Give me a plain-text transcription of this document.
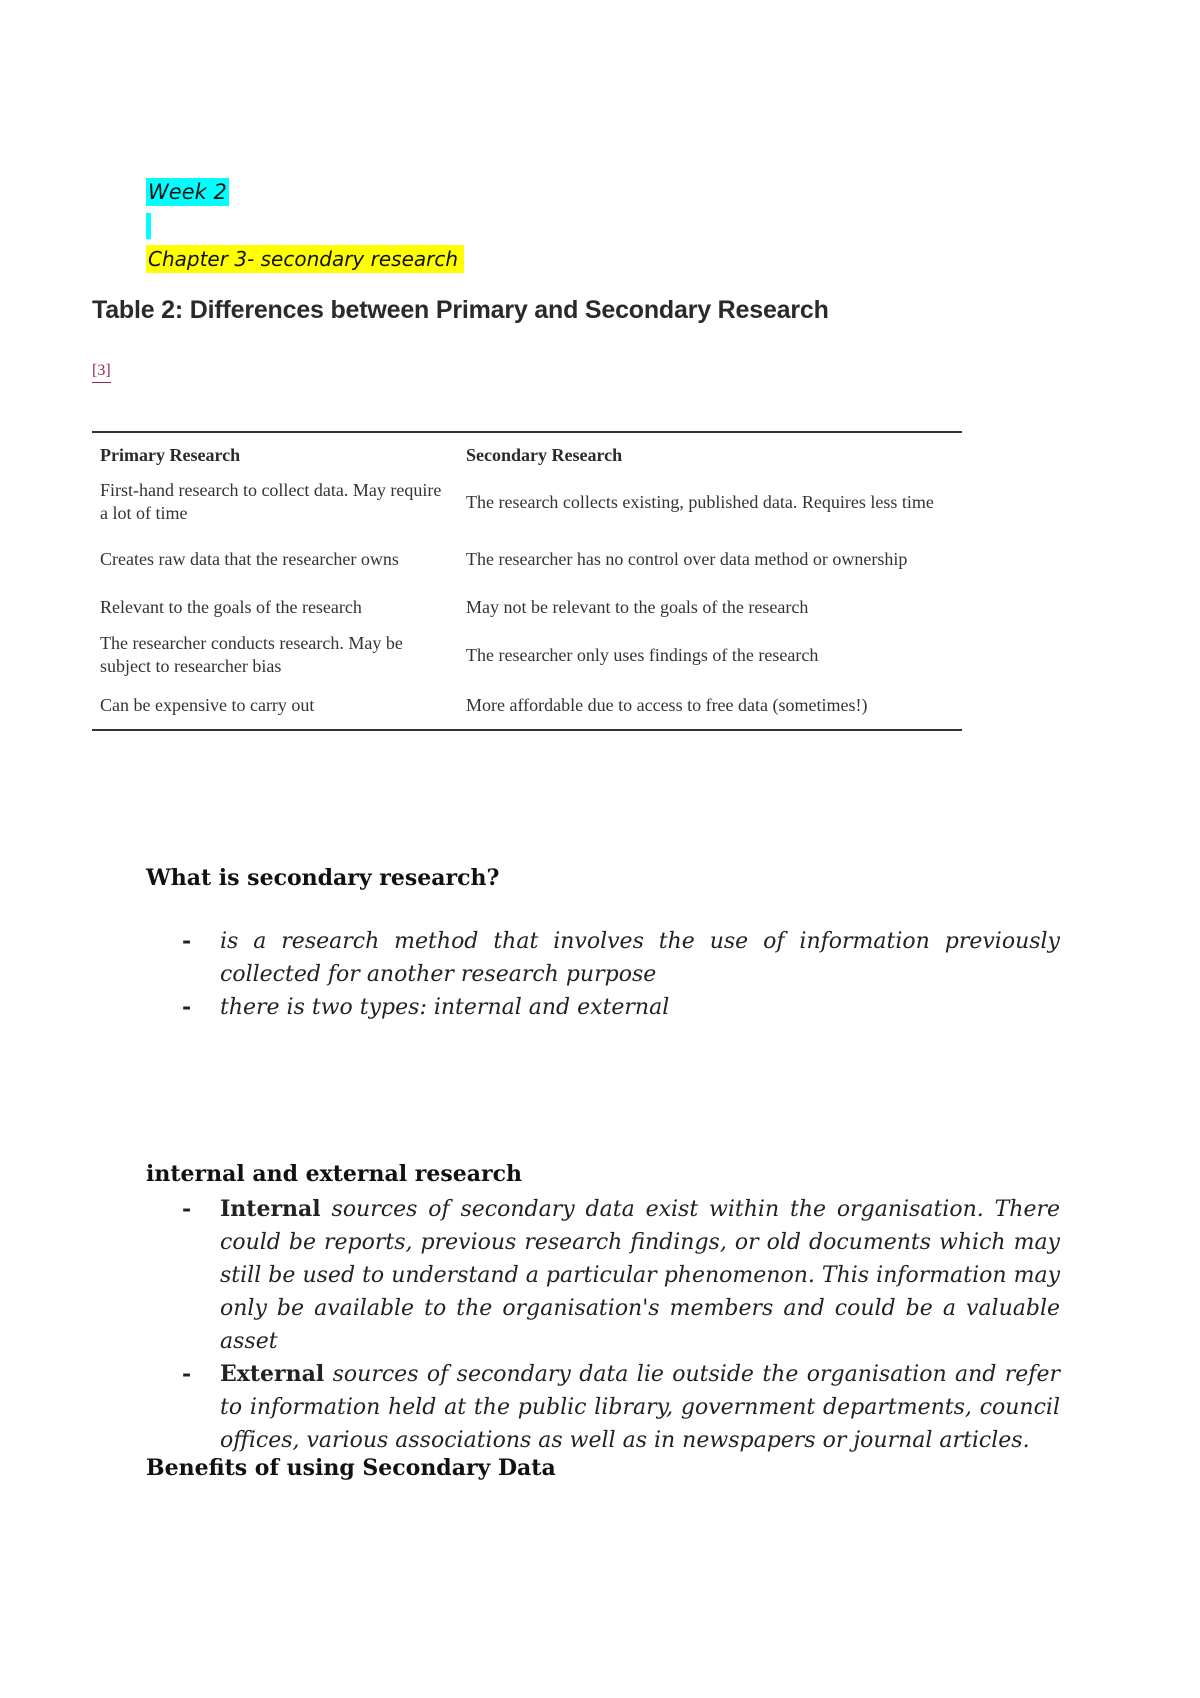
Week 2
Chapter 3- secondary research
Table 2: Differences between Primary and Secondary Research
[3]
Primary Research	Secondary Research
First-hand research to collect data. May require a lot of time	The research collects existing, published data. Requires less time
Creates raw data that the researcher owns	The researcher has no control over data method or ownership
Relevant to the goals of the research	May not be relevant to the goals of the research
The researcher conducts research. May be subject to researcher bias	The researcher only uses findings of the research
Can be expensive to carry out	More affordable due to access to free data (sometimes!)
What is secondary research?
- is a research method that involves the use of information previously collected for another research purpose
- there is two types: internal and external
internal and external research
- Internal sources of secondary data exist within the organisation. There could be reports, previous research findings, or old documents which may still be used to understand a particular phenomenon. This information may only be available to the organisation's members and could be a valuable asset
- External sources of secondary data lie outside the organisation and refer to information held at the public library, government departments, council offices, various associations as well as in newspapers or journal articles.
Benefits of using Secondary Data
